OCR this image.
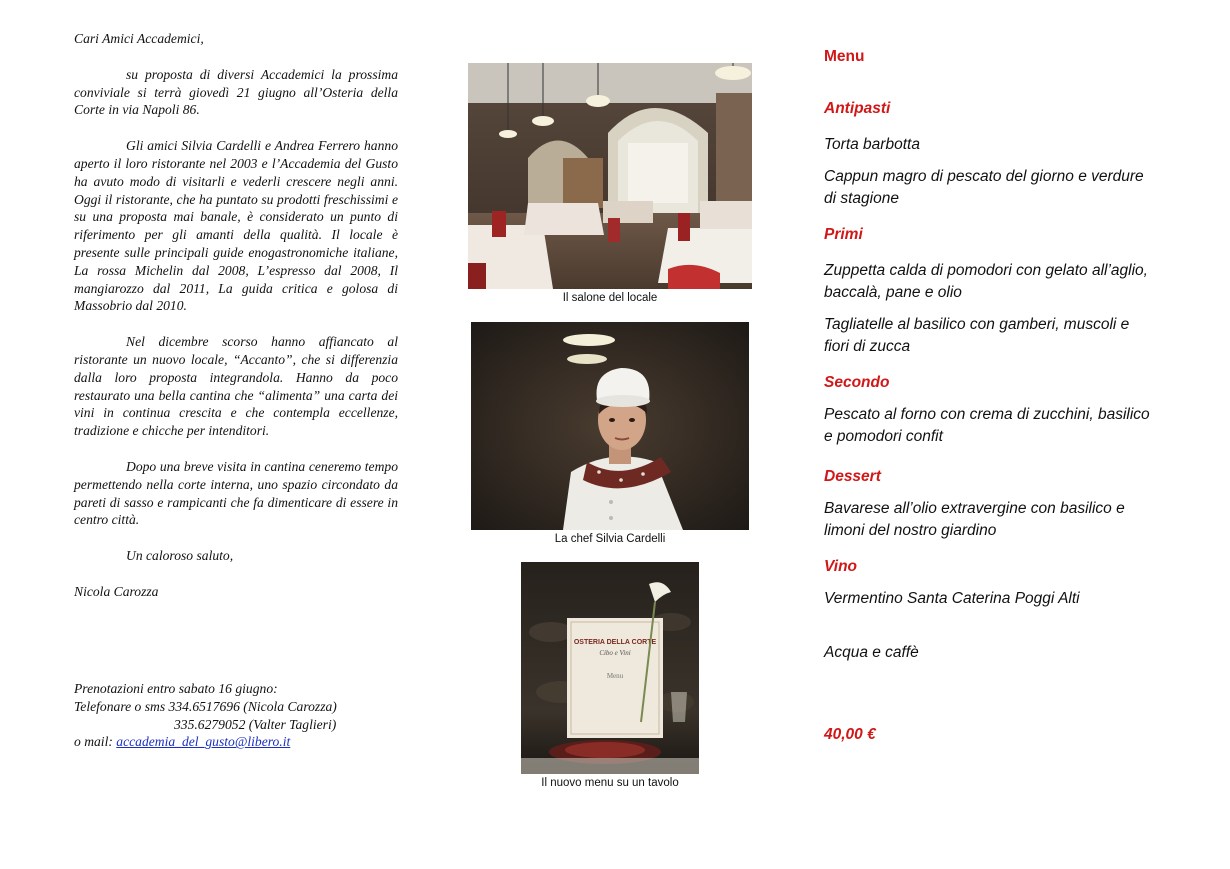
Cari Amici Accademici,

su proposta di diversi Accademici la prossima conviviale si terrà giovedì 21 giugno all’Osteria della Corte in via Napoli 86.

Gli amici Silvia Cardelli e Andrea Ferrero hanno aperto il loro ristorante nel 2003 e l’Accademia del Gusto ha avuto modo di visitarli e vederli crescere negli anni. Oggi il ristorante, che ha puntato su prodotti freschissimi e su una proposta mai banale, è considerato un punto di riferimento per gli amanti della qualità. Il locale è presente sulle principali guide enogastronomiche italiane, La rossa Michelin dal 2008, L’espresso dal 2008, Il mangiarozzo dal 2011, La guida critica e golosa di Massobrio dal 2010.

Nel dicembre scorso hanno affiancato al ristorante un nuovo locale, “Accanto”, che si differenzia dalla loro proposta integrandola. Hanno da poco restaurato una bella cantina che “alimenta” una carta dei vini in continua crescita e che contempla eccellenze, tradizione e chicche per intenditori.

Dopo una breve visita in cantina ceneremo tempo permettendo nella corte interna, uno spazio circondato da pareti di sasso e rampicanti che fa dimenticare di essere in centro città.

Un caloroso saluto,

Nicola Carozza

Prenotazioni entro sabato 16 giugno:
Telefonare o sms 334.6517696 (Nicola Carozza)
335.6279052 (Valter Taglieri)
o mail: accademia_del_gusto@libero.it
Il salone del locale
La chef Silvia Cardelli
OSTERIA DELLA CORTE
Cibo e Vini
Menu
Il nuovo menu su un tavolo
Menu
Antipasti
Torta barbotta
Cappun magro di pescato del giorno e verdure di stagione
Primi
Zuppetta calda di pomodori con gelato all’aglio, baccalà, pane e olio
Tagliatelle al basilico con gamberi, muscoli e fiori di zucca
Secondo
Pescato al forno con crema di zucchini, basilico e pomodori confit
Dessert
Bavarese all’olio extravergine con basilico e limoni del nostro giardino
Vino
Vermentino Santa Caterina Poggi Alti
Acqua e caffè
40,00 €
